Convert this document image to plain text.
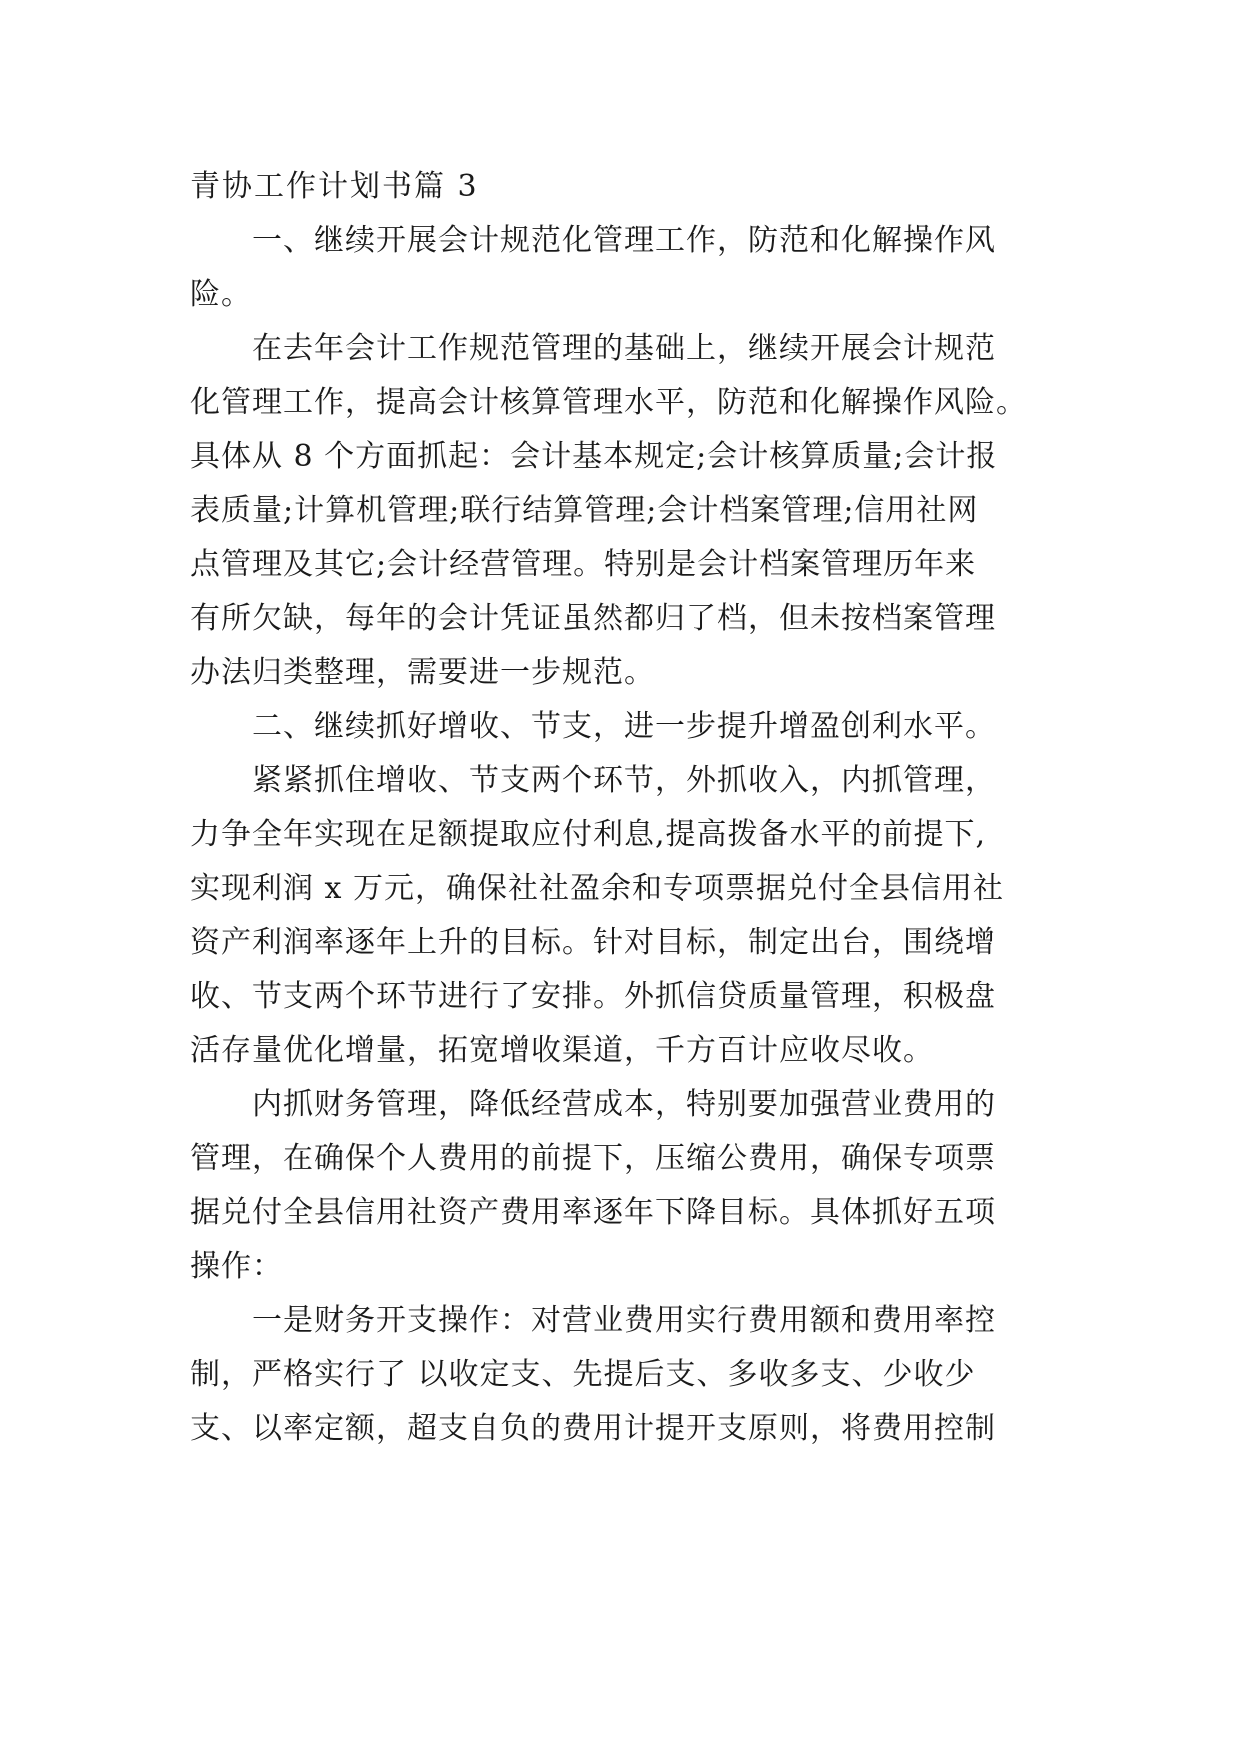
青协工作计划书篇 3

一、继续开展会计规范化管理工作，防范和化解操作风
险。

在去年会计工作规范管理的基础上，继续开展会计规范
化管理工作，提高会计核算管理水平，防范和化解操作风险。
具体从 8 个方面抓起：会计基本规定;会计核算质量;会计报
表质量;计算机管理;联行结算管理;会计档案管理;信用社网
点管理及其它;会计经营管理。特别是会计档案管理历年来
有所欠缺，每年的会计凭证虽然都归了档，但未按档案管理
办法归类整理，需要进一步规范。

二、继续抓好增收、节支，进一步提升增盈创利水平。

紧紧抓住增收、节支两个环节，外抓收入，内抓管理，
力争全年实现在足额提取应付利息,提高拨备水平的前提下,
实现利润 x 万元，确保社社盈余和专项票据兑付全县信用社
资产利润率逐年上升的目标。针对目标，制定出台，围绕增
收、节支两个环节进行了安排。外抓信贷质量管理，积极盘
活存量优化增量，拓宽增收渠道，千方百计应收尽收。

内抓财务管理，降低经营成本，特别要加强营业费用的
管理，在确保个人费用的前提下，压缩公费用，确保专项票
据兑付全县信用社资产费用率逐年下降目标。具体抓好五项
操作：

一是财务开支操作：对营业费用实行费用额和费用率控
制，严格实行了 以收定支、先提后支、多收多支、少收少
支、以率定额，超支自负的费用计提开支原则，将费用控制
